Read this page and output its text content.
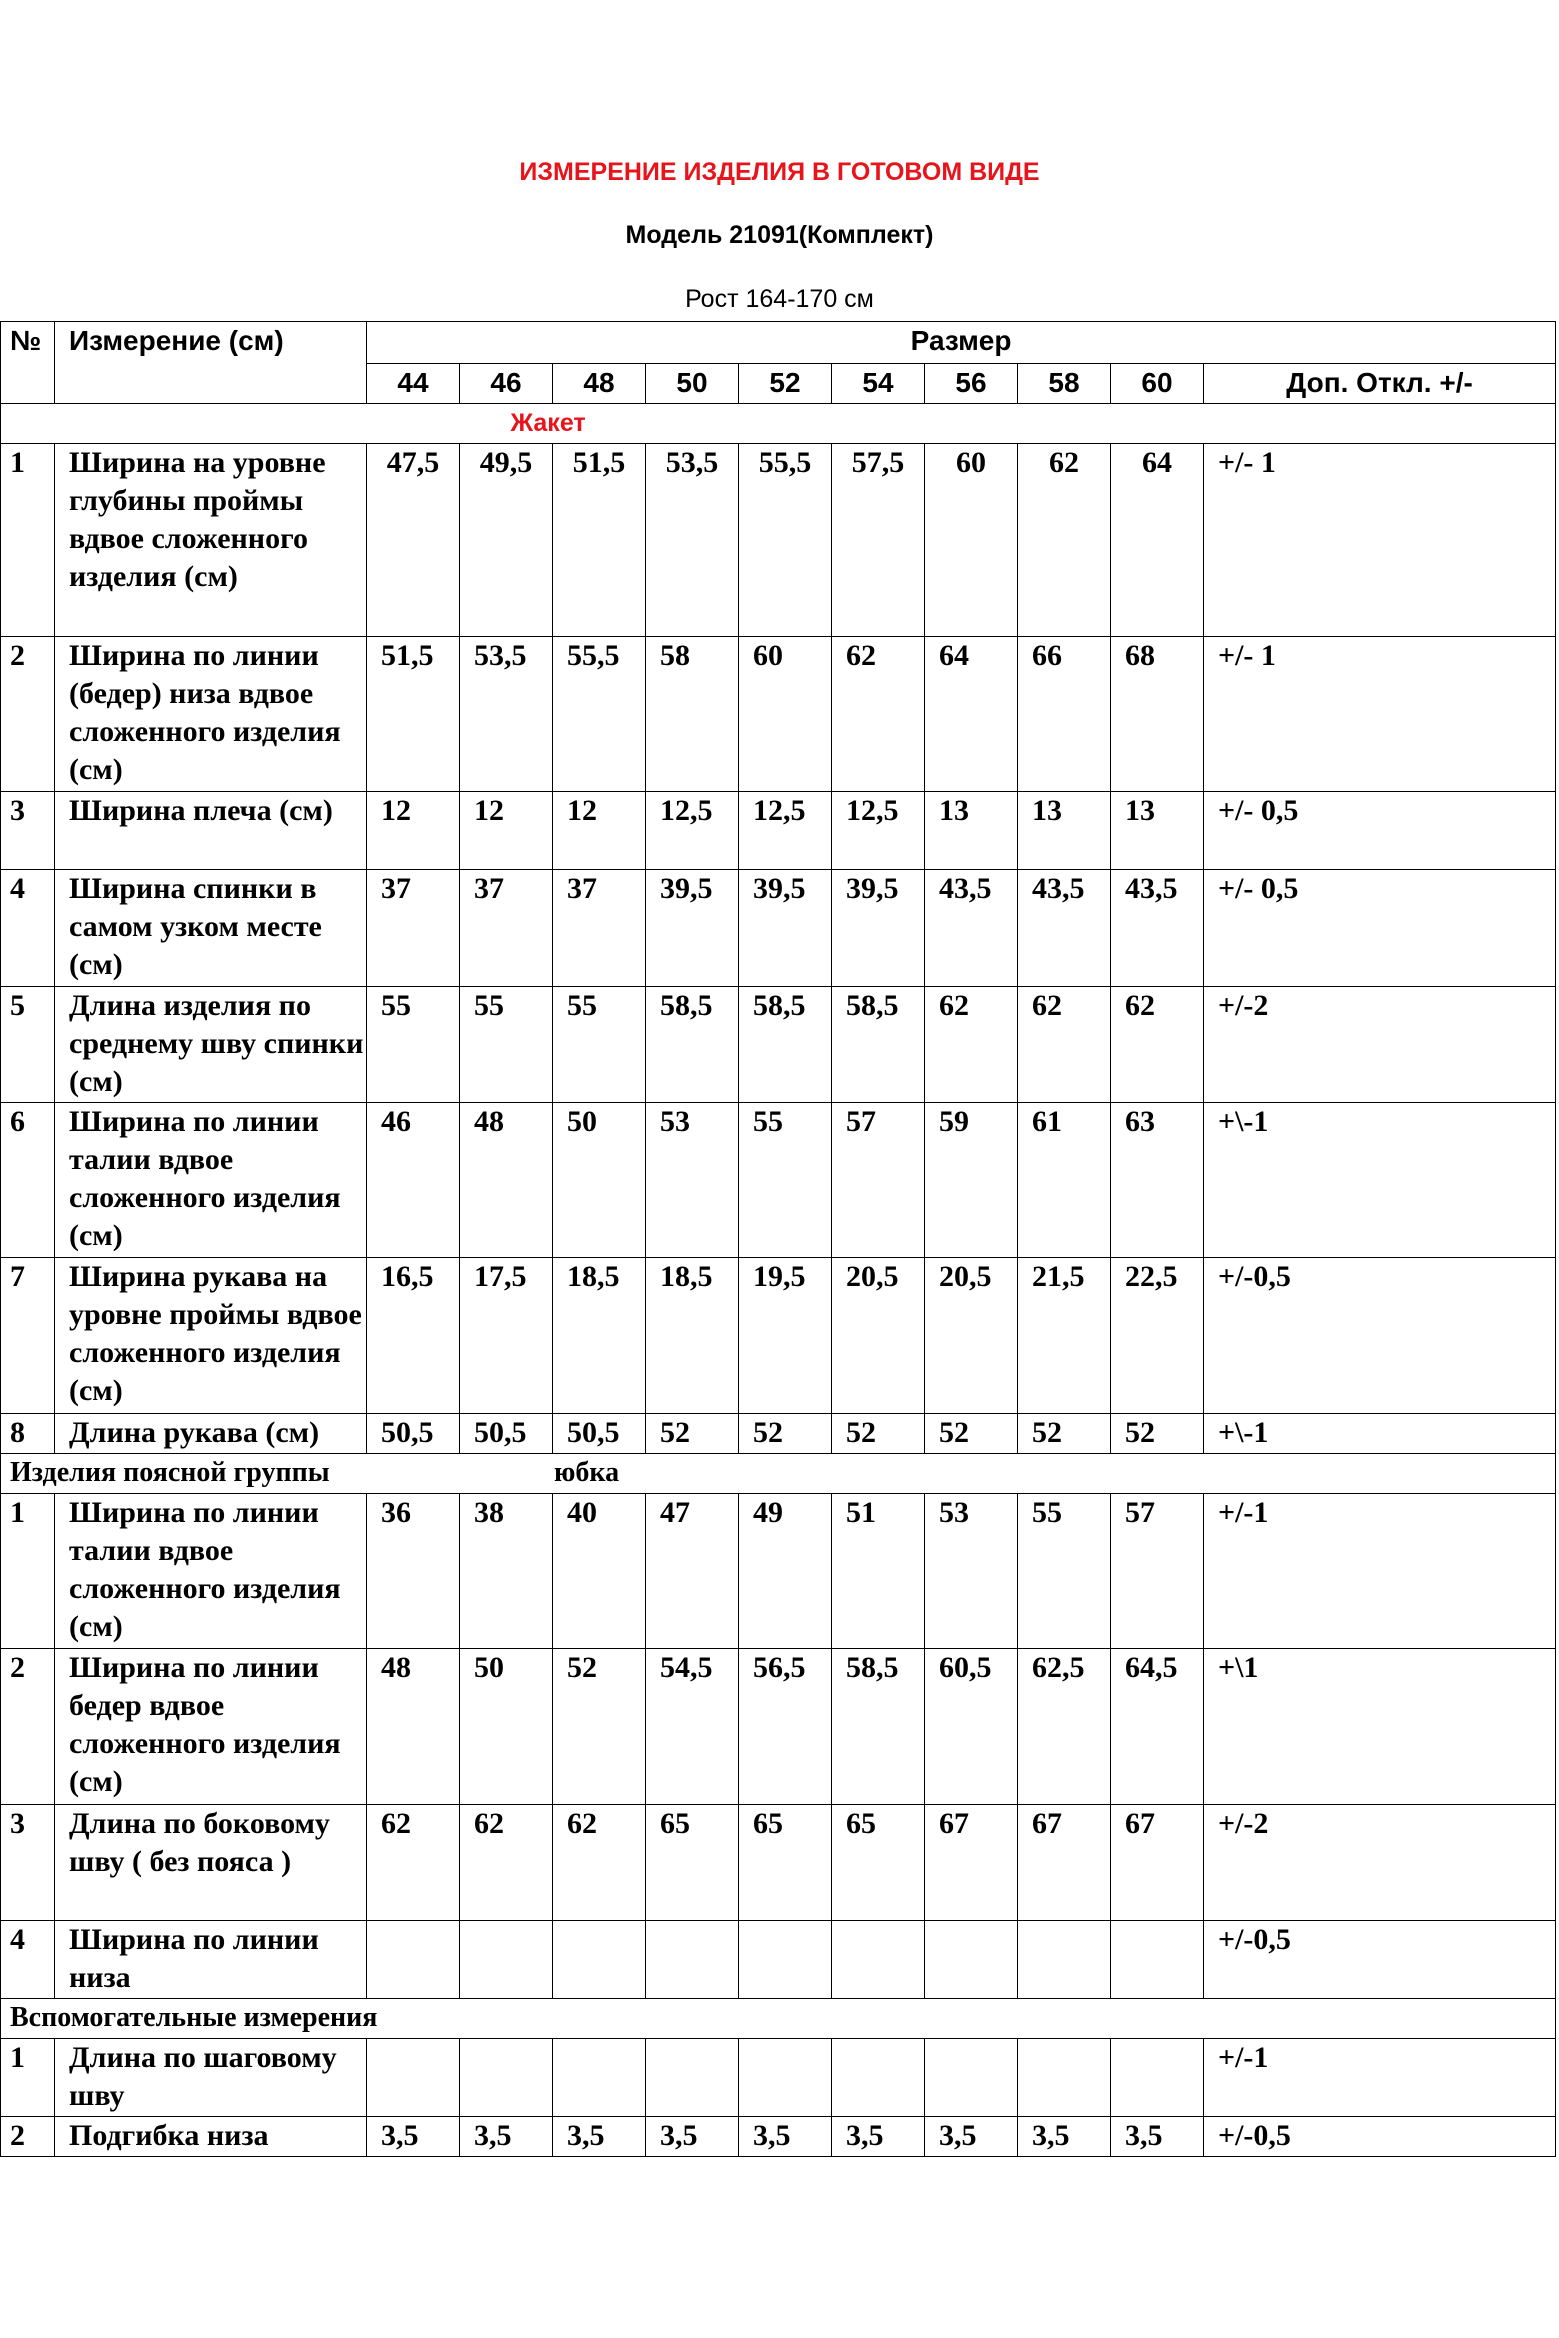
ИЗМЕРЕНИЕ ИЗДЕЛИЯ В ГОТОВОМ ВИДЕ
Модель 21091(Комплект)
Рост 164-170 см
№	Измерение (см)	Размер									
		44	46	48	50	52	54	56	58	60	Доп. Откл. +/-
		Жакет									
1	Ширина на уровне глубины проймы вдвое сложенного изделия (см)	47,5	49,5	51,5	53,5	55,5	57,5	60	62	64	+/- 1
2	Ширина по линии (бедер) низа вдвое сложенного изделия (см)	51,5	53,5	55,5	58	60	62	64	66	68	+/- 1
3	Ширина плеча (см)	12	12	12	12,5	12,5	12,5	13	13	13	+/- 0,5
4	Ширина спинки в самом узком месте (см)	37	37	37	39,5	39,5	39,5	43,5	43,5	43,5	+/- 0,5
5	Длина изделия по среднему шву спинки (см)	55	55	55	58,5	58,5	58,5	62	62	62	+/-2
6	Ширина по линии талии вдвое сложенного изделия (см)	46	48	50	53	55	57	59	61	63	+\-1
7	Ширина рукава на уровне проймы вдвое сложенного изделия (см)	16,5	17,5	18,5	18,5	19,5	20,5	20,5	21,5	22,5	+/-0,5
8	Длина рукава (см)	50,5	50,5	50,5	52	52	52	52	52	52	+\-1
Изделия поясной группы юбка											

1	Ширина по линии талии вдвое сложенного изделия (см)	36	38	40	47	49	51	53	55	57	+/-1
2	Ширина по линии бедер вдвое сложенного изделия (см)	48	50	52	54,5	56,5	58,5	60,5	62,5	64,5	+\1
3	Длина по боковому шву ( без пояса )	62	62	62	65	65	65	67	67	67	+/-2
4	Ширина по линии низа										+/-0,5
Вспомогательные измерения											
1	Длина по шаговому шву										+/-1
2	Подгибка низа	3,5	3,5	3,5	3,5	3,5	3,5	3,5	3,5	3,5	+/-0,5
